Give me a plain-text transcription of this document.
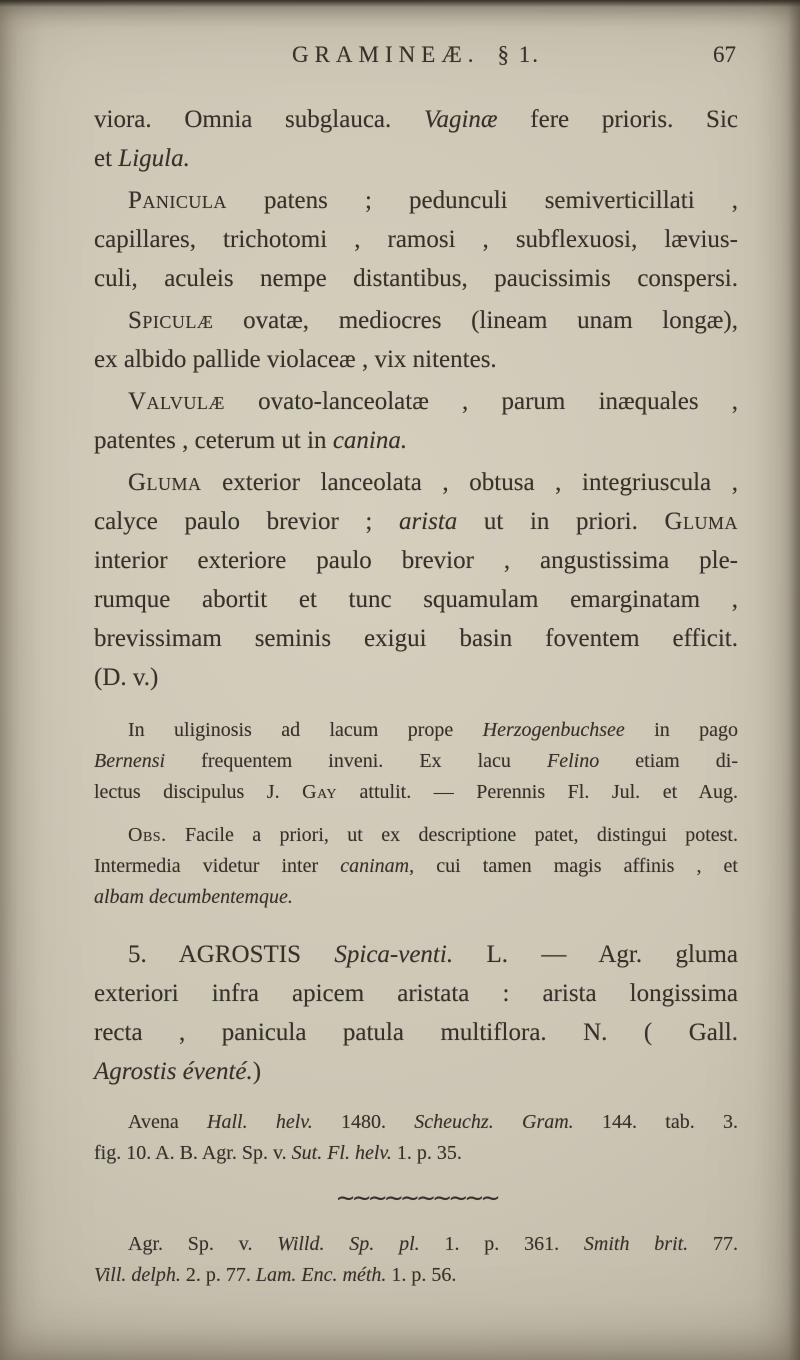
GRAMINEÆ. § 1.	67
viora. Omnia subglauca. Vaginæ fere prioris. Sic
et Ligula.
Panicula patens ; pedunculi semiverticillati ,
capillares, trichotomi , ramosi , subflexuosi, lævius-
culi, aculeis nempe distantibus, paucissimis conspersi.
Spiculæ ovatæ, mediocres (lineam unam longæ),
ex albido pallide violaceæ , vix nitentes.
Valvulæ ovato-lanceolatæ , parum inæquales ,
patentes , ceterum ut in canina.
Gluma exterior lanceolata , obtusa , integriuscula ,
calyce paulo brevior ; arista ut in priori. Gluma
interior exteriore paulo brevior , angustissima ple-
rumque abortit et tunc squamulam emarginatam ,
brevissimam seminis exigui basin foventem efficit.
(D. v.)
In uliginosis ad lacum prope Herzogenbuchsee in pago
Bernensi frequentem inveni. Ex lacu Felino etiam di-
lectus discipulus J. Gay attulit. — Perennis Fl. Jul. et Aug.
Obs. Facile a priori, ut ex descriptione patet, distingui potest.
Intermedia videtur inter caninam, cui tamen magis affinis , et
albam decumbentemque.
5. AGROSTIS Spica-venti. L. — Agr. gluma
exteriori infra apicem aristata : arista longissima
recta , panicula patula multiflora. N. ( Gall.
Agrostis éventé.)
Avena Hall. helv. 1480. Scheuchz. Gram. 144. tab. 3.
fig. 10. A. B. Agr. Sp. v. Sut. Fl. helv. 1. p. 35.
~~~~~~~~~~
Agr. Sp. v. Willd. Sp. pl. 1. p. 361. Smith brit. 77.
Vill. delph. 2. p. 77. Lam. Enc. méth. 1. p. 56.
